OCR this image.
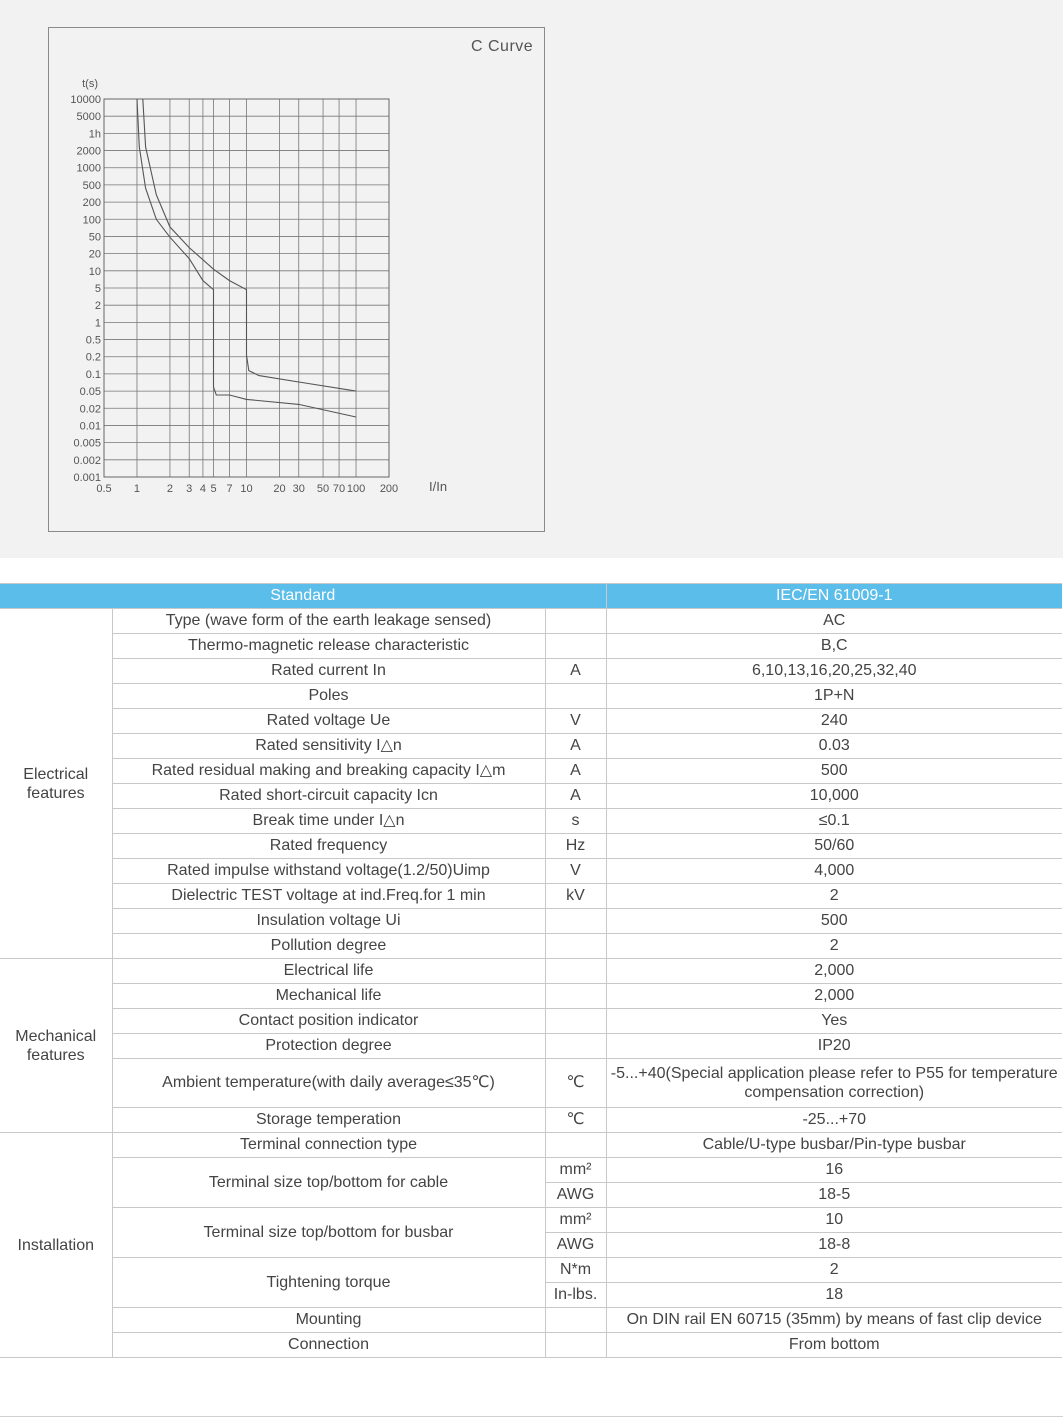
10000
5000
1h
2000
1000
500
200
100
50
20
10
5
2
1
0.5
0.2
0.1
0.05
0.02
0.01
0.005
0.002
0.001
0.5 1 2 3 4 5 7 10 20 30 50 70 100 200
t(s)
I/In
C Curve
Standard			IEC/EN 61009-1
Electrical features	Type (wave form of the earth leakage sensed)		AC
	Thermo-magnetic release characteristic		B,C
	Rated current In	A	6,10,13,16,20,25,32,40
	Poles		1P+N
	Rated voltage Ue	V	240
	Rated sensitivity I△n	A	0.03
	Rated residual making and breaking capacity I△m	A	500
	Rated short-circuit capacity Icn	A	10,000
	Break time under I△n	s	≤0.1
	Rated frequency	Hz	50/60
	Rated impulse withstand voltage(1.2/50)Uimp	V	4,000
	Dielectric TEST voltage at ind.Freq.for 1 min	kV	2
	Insulation voltage Ui		500
	Pollution degree		2
Mechanical features	Electrical life		2,000
	Mechanical life		2,000
	Contact position indicator		Yes
	Protection degree		IP20
	Ambient temperature(with daily average≤35℃)	℃	-5...+40(Special application please refer to P55 for temperature compensation correction)
	Storage temperation	℃	-25...+70
Installation	Terminal connection type		Cable/U-type busbar/Pin-type busbar
	Terminal size top/bottom for cable	mm²	16
		AWG	18-5
	Terminal size top/bottom for busbar	mm²	10
		AWG	18-8
	Tightening torque	N*m	2
		In-lbs.	18
	Mounting		On DIN rail EN 60715 (35mm) by means of fast clip device
	Connection		From bottom
